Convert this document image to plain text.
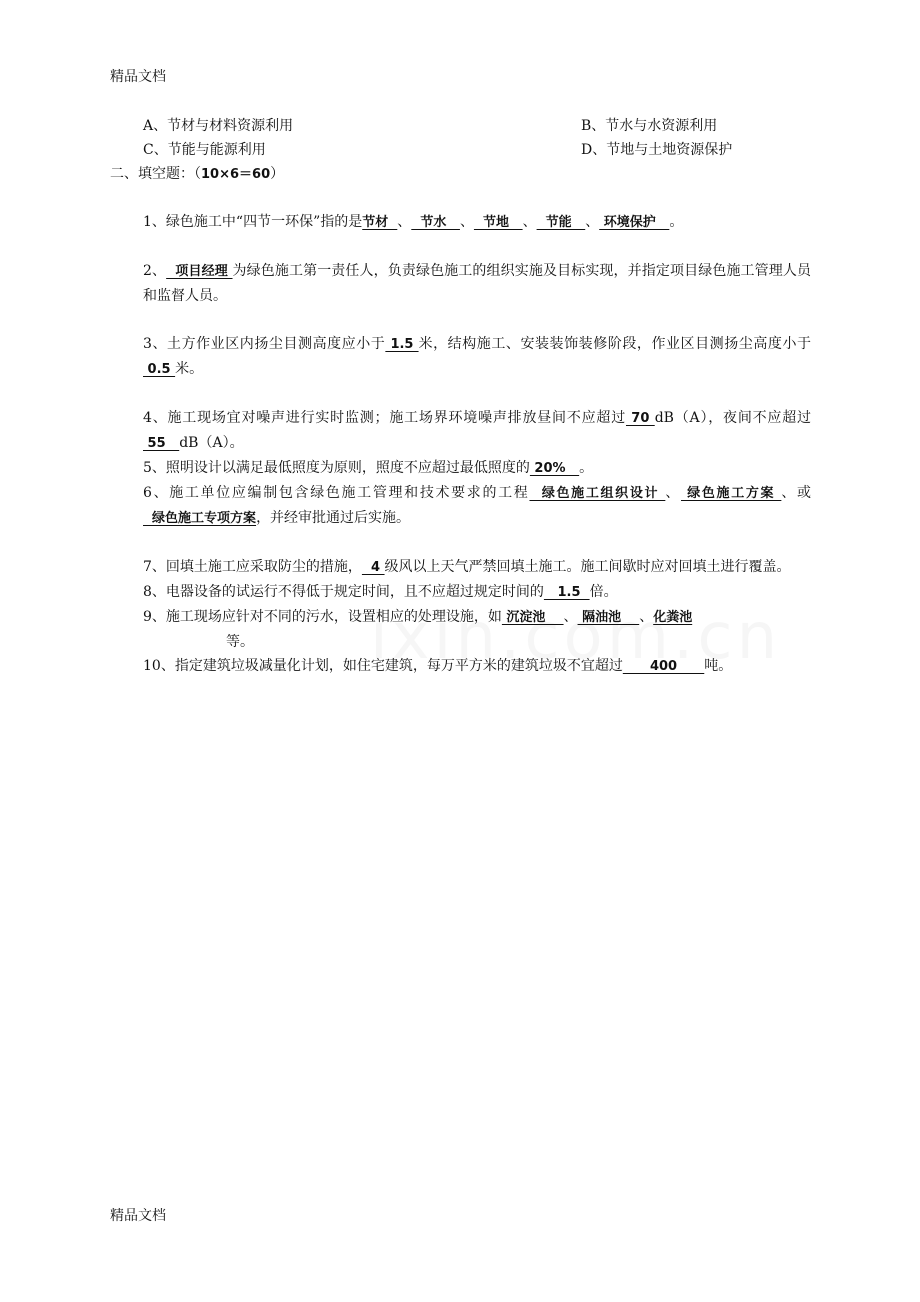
精品文档
A、节材与材料资源利用	B、节水与水资源利用
C、节能与能源利用	D、节地与土地资源保护
二、填空题：（10×6＝60）
1、绿色施工中“四节一环保”指的是节材  、  节水   、  节地   、  节能   、 环境保护   。
2、  项目经理 为绿色施工第一责任人，负责绿色施工的组织实施及目标实现，并指定项目绿色施工管理人员和监督人员。
3、土方作业区内扬尘目测高度应小于 1.5 米，结构施工、安装装饰装修阶段，作业区目测扬尘高度小于 0.5 米。
4、施工现场宜对噪声进行实时监测；施工场界环境噪声排放昼间不应超过 70 dB（A），夜间不应超过 55   dB（A）。
5、照明设计以满足最低照度为原则，照度不应超过最低照度的 20%   。
6、施工单位应编制包含绿色施工管理和技术要求的工程  绿色施工组织设计 、 绿色施工方案 、或  绿色施工专项方案，并经审批通过后实施。
7、回填土施工应采取防尘的措施，  4 级风以上天气严禁回填土施工。施工间歇时应对回填土进行覆盖。
8、电器设备的试运行不得低于规定时间，且不应超过规定时间的   1.5  倍。
9、施工现场应针对不同的污水，设置相应的处理设施，如 沉淀池    、 隔油池    、化粪池
等。
10、指定建筑垃圾减量化计划，如住宅建筑，每万平方米的建筑垃圾不宜超过      400      吨。
精品文档
